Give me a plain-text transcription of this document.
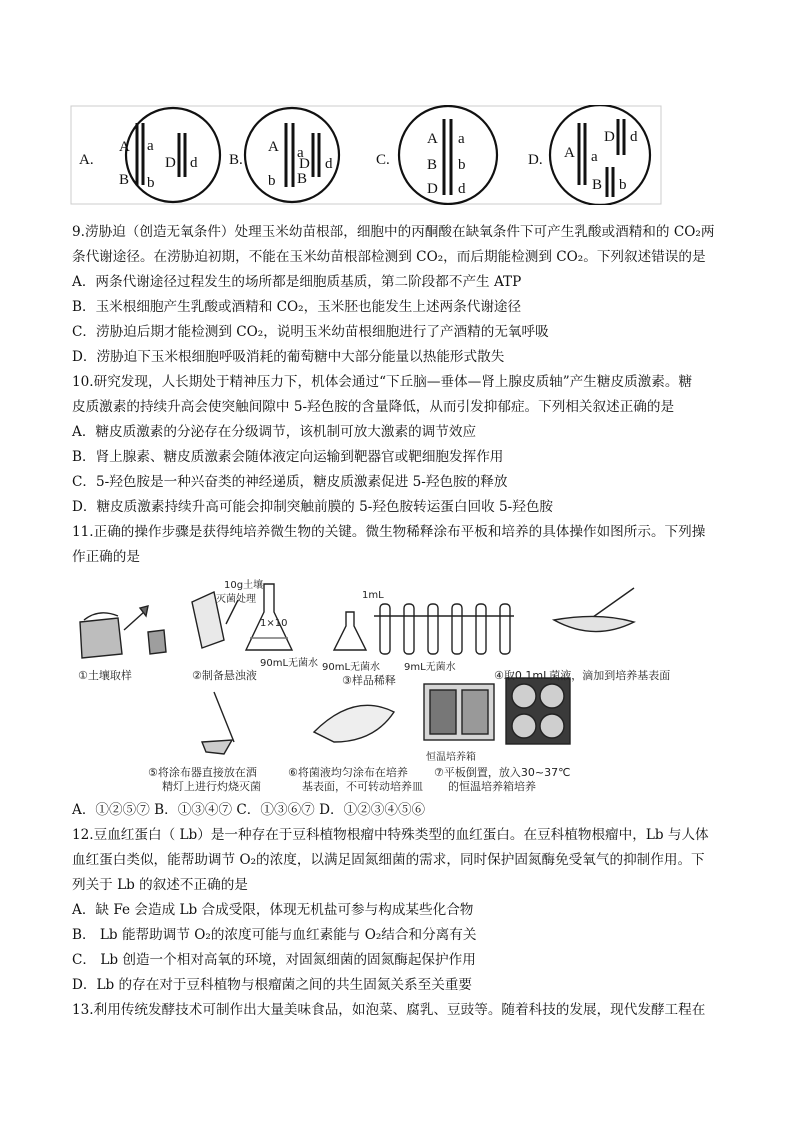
A.
A
B
a
b
D d B.
A
b
a
B
D d	C.
A
B
D
a
b
d
D. A a
D d
B b
9.涝胁迫（创造无氧条件）处理玉米幼苗根部，细胞中的丙酮酸在缺氧条件下可产生乳酸或酒精和的 CO₂两
条代谢途径。在涝胁迫初期，不能在玉米幼苗根部检测到 CO₂，而后期能检测到 CO₂。下列叙述错误的是
A．两条代谢途径过程发生的场所都是细胞质基质，第二阶段都不产生 ATP
B．玉米根细胞产生乳酸或酒精和 CO₂，玉米胚也能发生上述两条代谢途径
C．涝胁迫后期才能检测到 CO₂，说明玉米幼苗根细胞进行了产酒精的无氧呼吸
D．涝胁迫下玉米根细胞呼吸消耗的葡萄糖中大部分能量以热能形式散失
10.研究发现，人长期处于精神压力下，机体会通过“下丘脑—垂体—肾上腺皮质轴”产生糖皮质激素。糖
皮质激素的持续升高会使突触间隙中 5-羟色胺的含量降低，从而引发抑郁症。下列相关叙述正确的是
A．糖皮质激素的分泌存在分级调节，该机制可放大激素的调节效应
B．肾上腺素、糖皮质激素会随体液定向运输到靶器官或靶细胞发挥作用
C．5-羟色胺是一种兴奋类的神经递质，糖皮质激素促进 5-羟色胺的释放
D．糖皮质激素持续升高可能会抑制突触前膜的 5-羟色胺转运蛋白回收 5-羟色胺
11.正确的操作步骤是获得纯培养微生物的关键。微生物稀释涂布平板和培养的具体操作如图所示。下列操
作正确的是
10g土壤
灭菌处理
1×10
1mL
90mL无菌水 90mL无菌水 9mL无菌水
①土壤取样	②制备悬浊液	③样品稀释	④取0.1mL菌液，滴加到培养基表面
恒温培养箱
⑤将涂布器直接放在酒
精灯上进行灼烧灭菌
⑥将菌液均匀涂布在培养
基表面，不可转动培养皿
⑦平板倒置，放入30~37℃
的恒温培养箱培养
A．①②⑤⑦ B．①③④⑦ C．①③⑥⑦ D．①②③④⑤⑥
12.豆血红蛋白（ Lb）是一种存在于豆科植物根瘤中特殊类型的血红蛋白。在豆科植物根瘤中，Lb 与人体
血红蛋白类似，能帮助调节 O₂的浓度，以满足固氮细菌的需求，同时保护固氮酶免受氧气的抑制作用。下
列关于 Lb 的叙述不正确的是
A．缺 Fe 会造成 Lb 合成受限，体现无机盐可参与构成某些化合物
B． Lb 能帮助调节 O₂的浓度可能与血红素能与 O₂结合和分离有关
C． Lb 创造一个相对高氧的环境，对固氮细菌的固氮酶起保护作用
D．Lb 的存在对于豆科植物与根瘤菌之间的共生固氮关系至关重要
13.利用传统发酵技术可制作出大量美味食品，如泡菜、腐乳、豆豉等。随着科技的发展，现代发酵工程在
